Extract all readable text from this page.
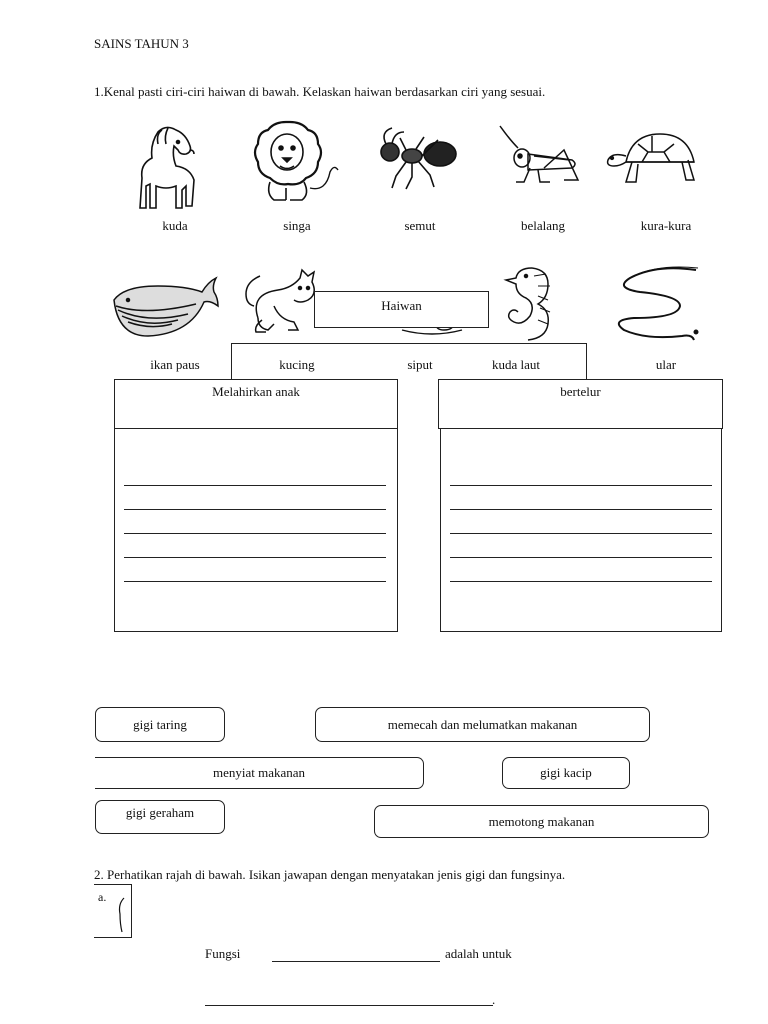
SAINS TAHUN 3
1.Kenal pasti ciri-ciri haiwan di bawah. Kelaskan haiwan berdasarkan ciri yang sesuai.
kuda	singa	semut	belalang	kura-kura
Haiwan
ikan paus	kucing	siput	kuda laut	ular
Melahirkan anak	bertelur
gigi taring	memecah dan melumatkan makanan
menyiat makanan	gigi kacip
gigi geraham
memotong makanan
2. Perhatikan rajah di bawah. Isikan jawapan dengan menyatakan jenis gigi dan fungsinya.
a.
Fungsi	adalah untuk
.
